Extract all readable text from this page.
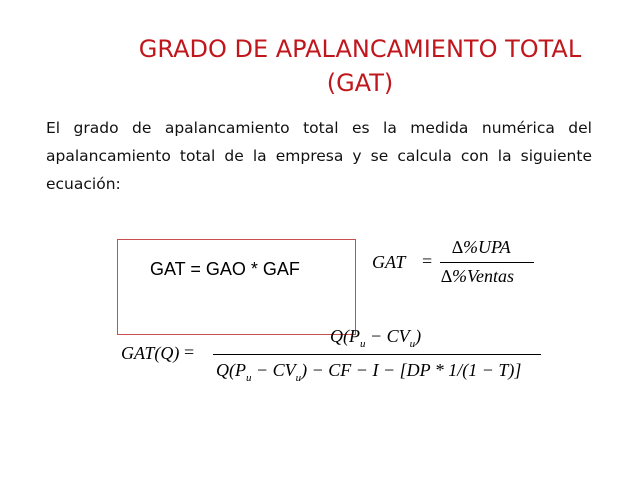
GRADO DE APALANCAMIENTO TOTAL
(GAT)
El grado de apalancamiento total es la medida numérica del apalancamiento total de la empresa y se calcula con la siguiente ecuación:
GAT = GAO * GAF	GAT =
∆%UPA
∆%Ventas
GAT(Q) =
$Q(P_u - CV_u)$
$Q(P_u - CV_u)$ − CF − I − [DP * 1/(1 − T)]
